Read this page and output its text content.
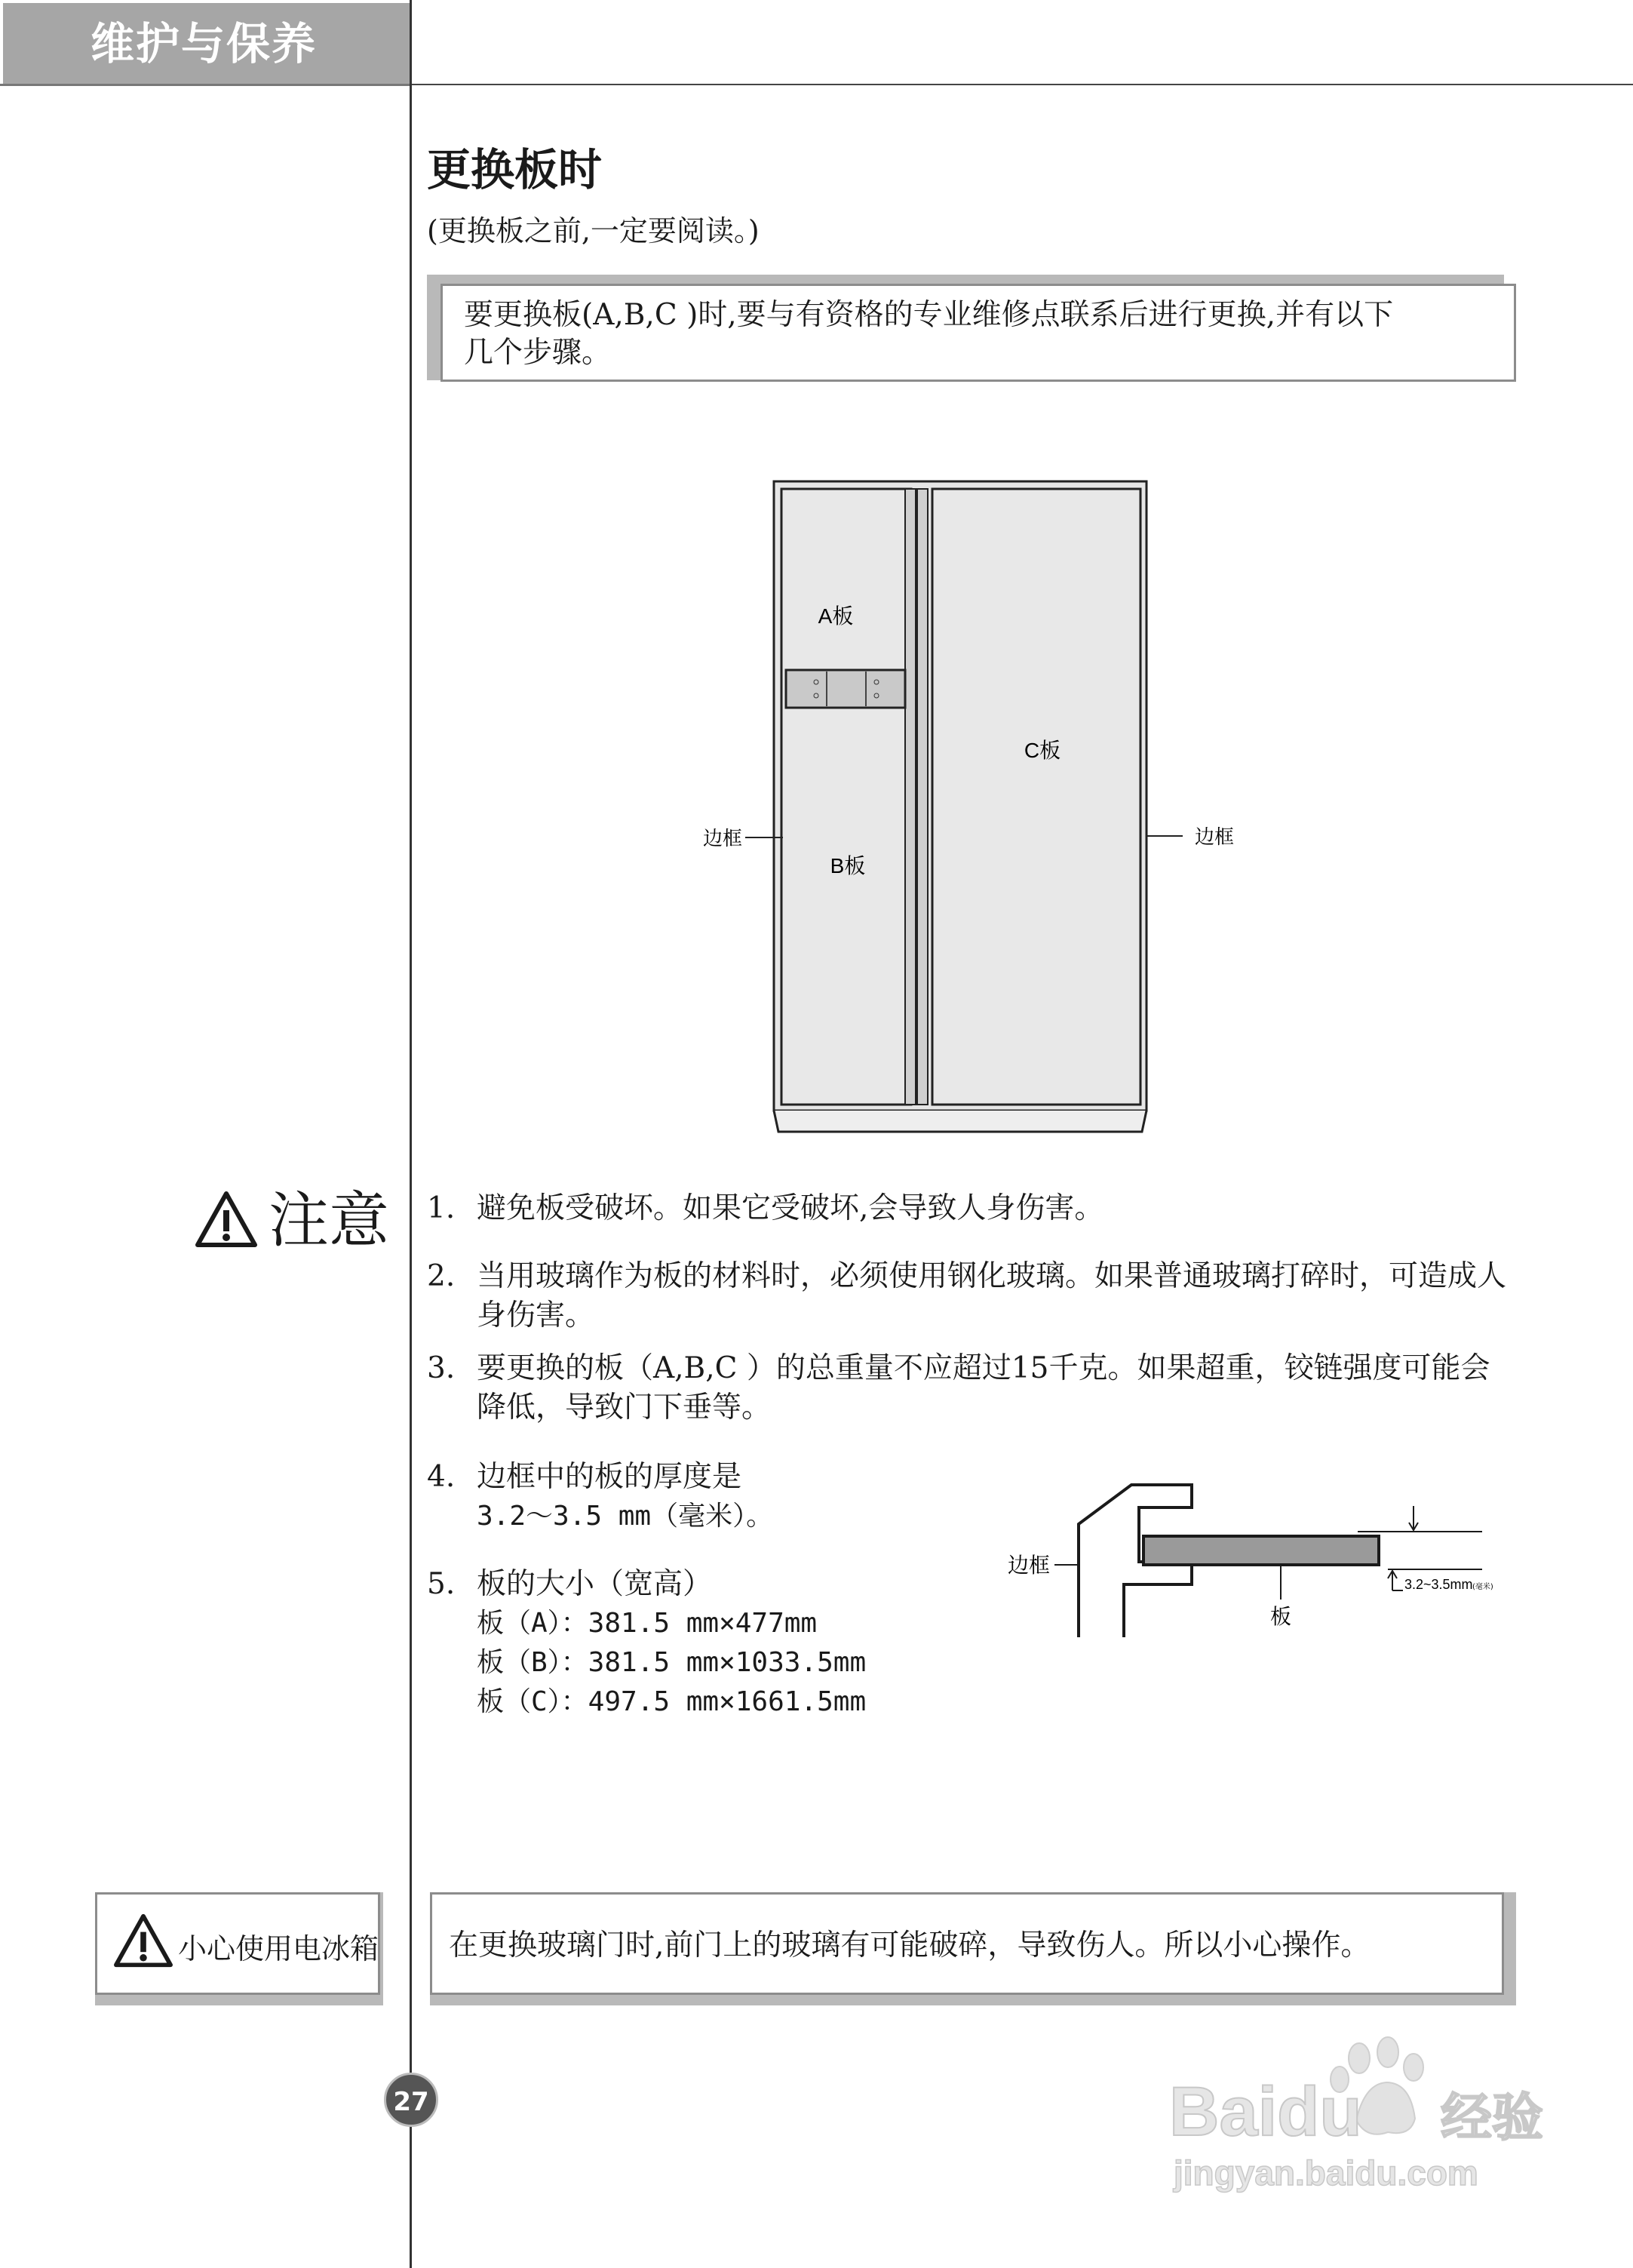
维护与保养
更换板时
(更换板之前,一定要阅读。)
要更换板(A,B,C )时,要与有资格的专业维修点联系后进行更换,并有以下
几个步骤。
A板
C板
B板
边框	边框
注意 1. 避免板受破坏。如果它受破坏,会导致人身伤害。
2. 当用玻璃作为板的材料时，必须使用钢化玻璃。如果普通玻璃打碎时，可造成人
身伤害。
3. 要更换的板（A,B,C ）的总重量不应超过15千克。如果超重，铰链强度可能会
降低，导致门下垂等。
4. 边框中的板的厚度是
3.2～3.5 mm（毫米）。
5. 板的大小（宽高）
板（A）：381.5 mm×477mm
板（B）：381.5 mm×1033.5mm
板（C）：497.5 mm×1661.5mm
3.2~3.5mm (毫米)
边框
板
小心使用电冰箱	在更换玻璃门时,前门上的玻璃有可能破碎，导致伤人。所以小心操作。
27	Baidu 经验
jingyan.baidu.com
